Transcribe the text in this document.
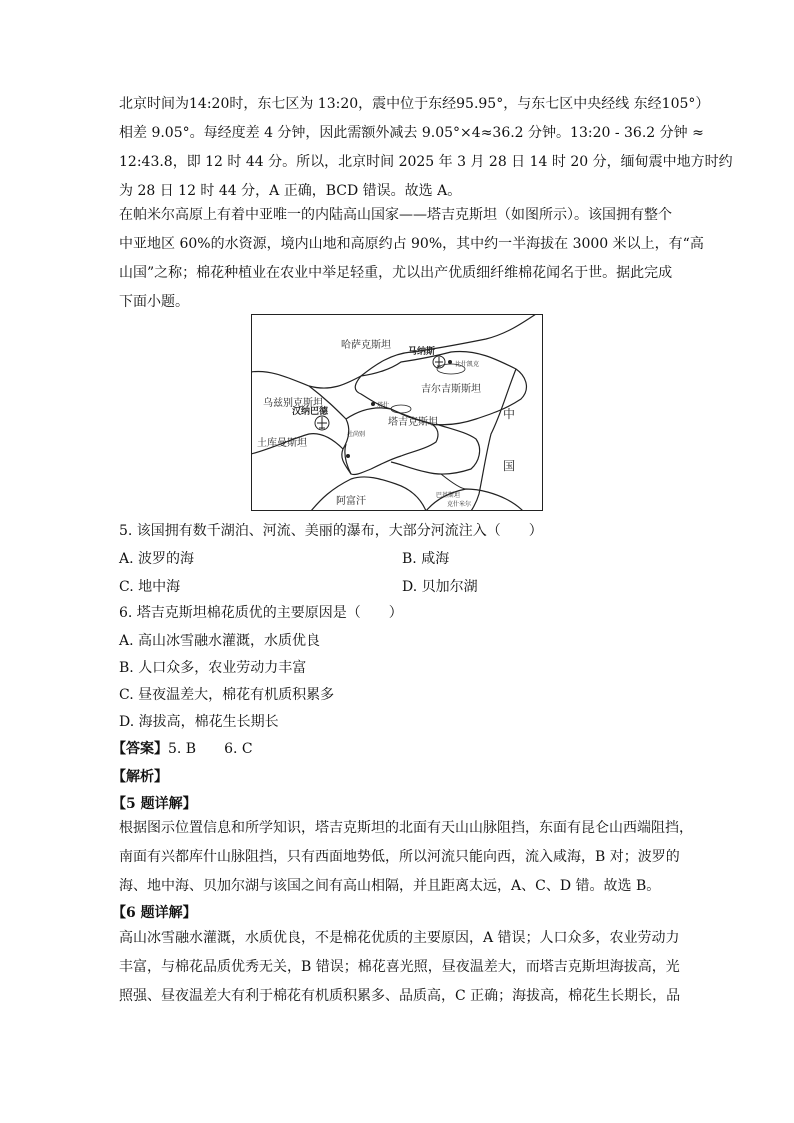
北京时间为14:20时，东七区为 13:20，震中位于东经95.95°，与东七区中央经线 东经105°）
相差 9.05°。每经度差 4 分钟，因此需额外减去 9.05°×4≈36.2 分钟。13:20 - 36.2 分钟 ≈
12:43.8，即 12 时 44 分。所以，北京时间 2025 年 3 月 28 日 14 时 20 分，缅甸震中地方时约
为 28 日 12 时 44 分，A 正确，BCD 错误。故选 A。
在帕米尔高原上有着中亚唯一的内陆高山国家——塔吉克斯坦（如图所示）。该国拥有整个
中亚地区 60%的水资源，境内山地和高原约占 90%，其中约一半海拔在 3000 米以上，有“高
山国”之称；棉花种植业在农业中举足轻重，尤以出产优质细纤维棉花闻名于世。据此完成
下面小题。
哈萨克斯坦
马纳斯
比什凯克
吉尔吉斯斯坦
乌兹别克斯坦	塔什
中
汉纳巴德
塔吉克斯坦
杜尚别
国
土库曼斯坦
阿富汗
巴基斯坦
克什米尔
5. 该国拥有数千湖泊、河流、美丽的瀑布，大部分河流注入（　　）
A. 波罗的海	B. 咸海
C. 地中海	D. 贝加尔湖
6. 塔吉克斯坦棉花质优的主要原因是（　　）
A. 高山冰雪融水灌溉，水质优良
B. 人口众多，农业劳动力丰富
C. 昼夜温差大，棉花有机质积累多
D. 海拔高，棉花生长期长
【答案】5. B　　6. C
【解析】
【5 题详解】
根据图示位置信息和所学知识，塔吉克斯坦的北面有天山山脉阻挡，东面有昆仑山西端阻挡，
南面有兴都库什山脉阻挡，只有西面地势低，所以河流只能向西，流入咸海，B 对；波罗的
海、地中海、贝加尔湖与该国之间有高山相隔，并且距离太远，A、C、D 错。故选 B。
【6 题详解】
高山冰雪融水灌溉，水质优良，不是棉花优质的主要原因，A 错误；人口众多，农业劳动力
丰富，与棉花品质优秀无关，B 错误；棉花喜光照，昼夜温差大，而塔吉克斯坦海拔高，光
照强、昼夜温差大有利于棉花有机质积累多、品质高，C 正确；海拔高，棉花生长期长，品
